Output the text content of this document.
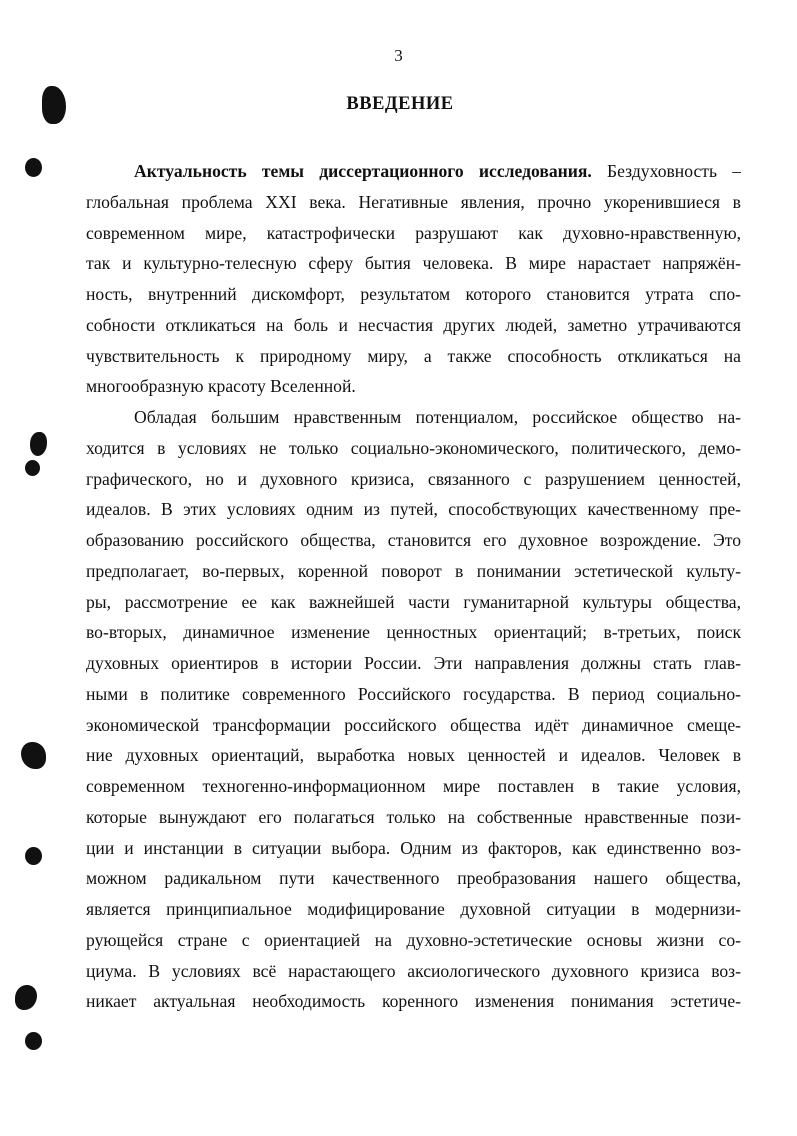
3
ВВЕДЕНИЕ
Актуальность темы диссертационного исследования. Бездуховность –
глобальная проблема XXI века. Негативные явления, прочно укоренившиеся в
современном мире, катастрофически разрушают как духовно-нравственную,
так и культурно-телесную сферу бытия человека. В мире нарастает напряжён-
ность, внутренний дискомфорт, результатом которого становится утрата спо-
собности откликаться на боль и несчастия других людей, заметно утрачиваются
чувствительность к природному миру, а также способность откликаться на
многообразную красоту Вселенной.
Обладая большим нравственным потенциалом, российское общество на-
ходится в условиях не только социально-экономического, политического, демо-
графического, но и духовного кризиса, связанного с разрушением ценностей,
идеалов. В этих условиях одним из путей, способствующих качественному пре-
образованию российского общества, становится его духовное возрождение. Это
предполагает, во-первых, коренной поворот в понимании эстетической культу-
ры, рассмотрение ее как важнейшей части гуманитарной культуры общества,
во-вторых, динамичное изменение ценностных ориентаций; в-третьих, поиск
духовных ориентиров в истории России. Эти направления должны стать глав-
ными в политике современного Российского государства. В период социально-
экономической трансформации российского общества идёт динамичное смеще-
ние духовных ориентаций, выработка новых ценностей и идеалов. Человек в
современном техногенно-информационном мире поставлен в такие условия,
которые вынуждают его полагаться только на собственные нравственные пози-
ции и инстанции в ситуации выбора. Одним из факторов, как единственно воз-
можном радикальном пути качественного преобразования нашего общества,
является принципиальное модифицирование духовной ситуации в модернизи-
рующейся стране с ориентацией на духовно-эстетические основы жизни со-
циума. В условиях всё нарастающего аксиологического духовного кризиса воз-
никает актуальная необходимость коренного изменения понимания эстетиче-
